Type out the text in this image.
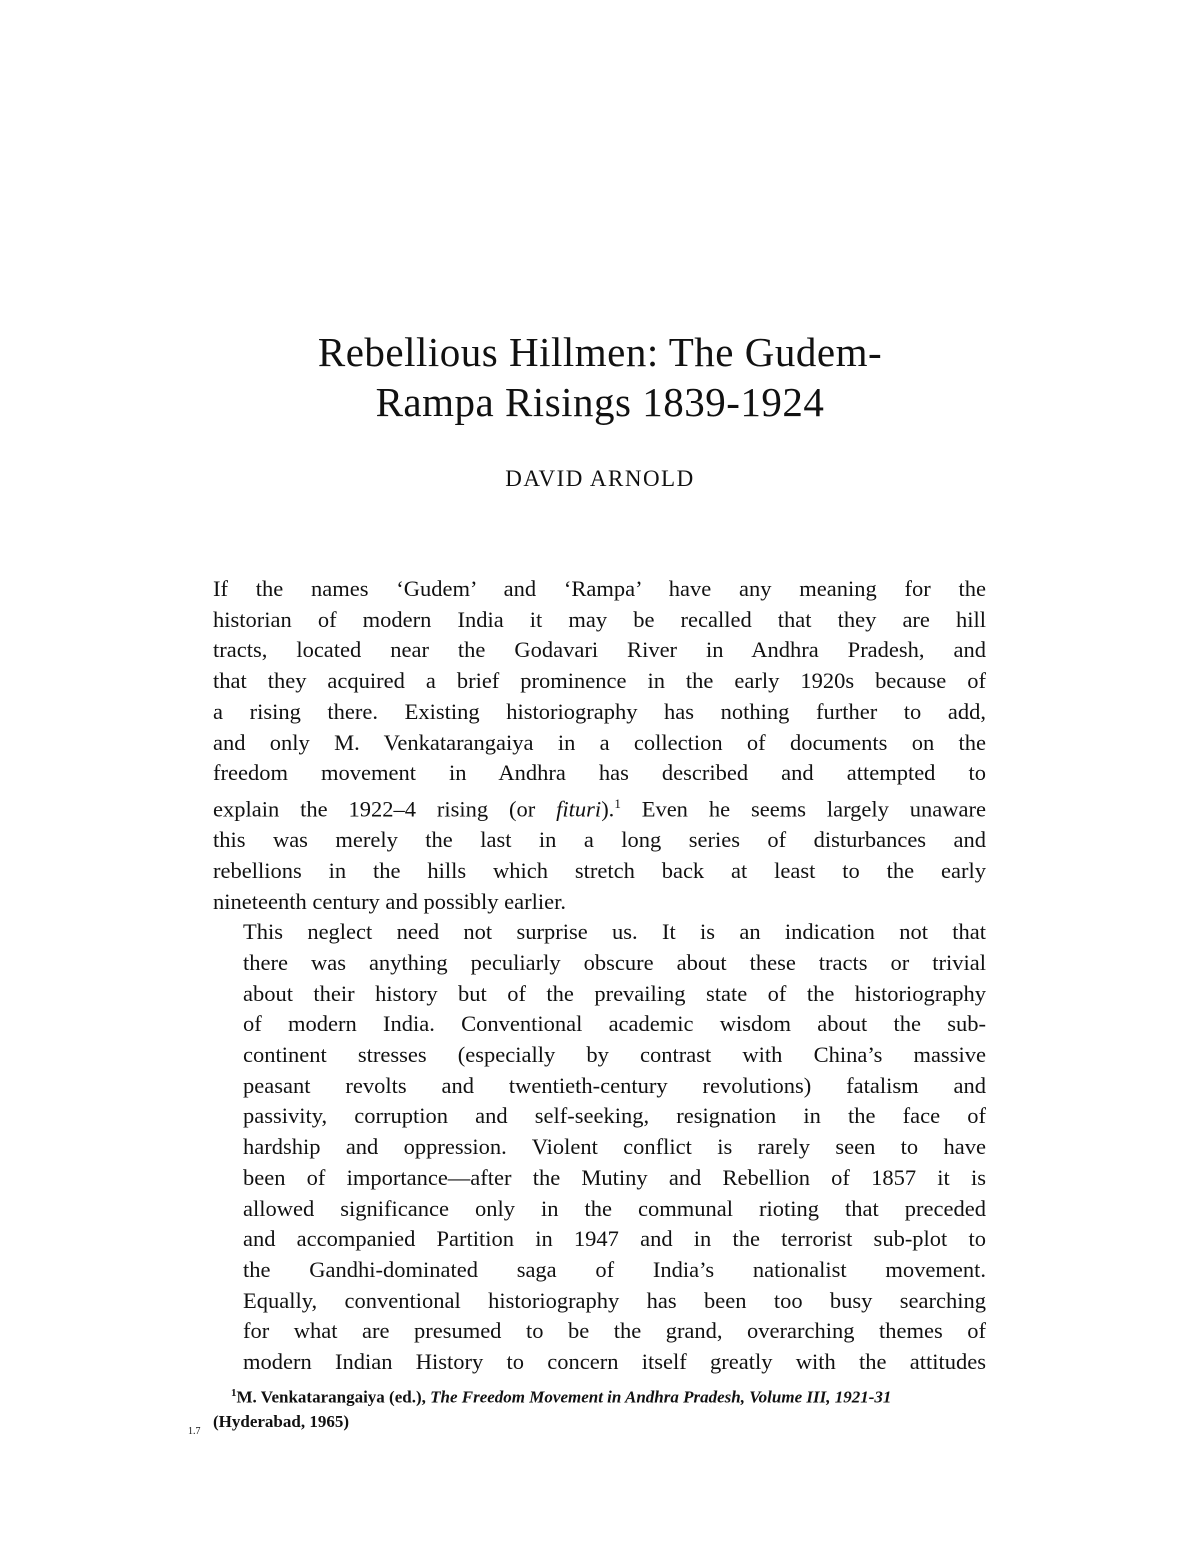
Rebellious Hillmen: The Gudem-
Rampa Risings 1839-1924
DAVID ARNOLD

If the names ‘Gudem’ and ‘Rampa’ have any meaning for the
historian of modern India it may be recalled that they are hill
tracts, located near the Godavari River in Andhra Pradesh, and
that they acquired a brief prominence in the early 1920s because of
a rising there. Existing historiography has nothing further to add,
and only M. Venkatarangaiya in a collection of documents on the
freedom movement in Andhra has described and attempted to
explain the 1922–4 rising (or fituri).$^1$ Even he seems largely unaware
this was merely the last in a long series of disturbances and
rebellions in the hills which stretch back at least to the early
nineteenth century and possibly earlier.

This neglect need not surprise us. It is an indication not that
there was anything peculiarly obscure about these tracts or trivial
about their history but of the prevailing state of the historiography
of modern India. Conventional academic wisdom about the sub-
continent stresses (especially by contrast with China’s massive
peasant revolts and twentieth-century revolutions) fatalism and
passivity, corruption and self-seeking, resignation in the face of
hardship and oppression. Violent conflict is rarely seen to have
been of importance—after the Mutiny and Rebellion of 1857 it is
allowed significance only in the communal rioting that preceded
and accompanied Partition in 1947 and in the terrorist sub-plot to
the Gandhi-dominated saga of India’s nationalist movement.
Equally, conventional historiography has been too busy searching
for what are presumed to be the grand, overarching themes of
modern Indian History to concern itself greatly with the attitudes

$^1$M. Venkatarangaiya (ed.), The Freedom Movement in Andhra Pradesh, Volume III, 1921-31
(Hyderabad, 1965)
1.7
